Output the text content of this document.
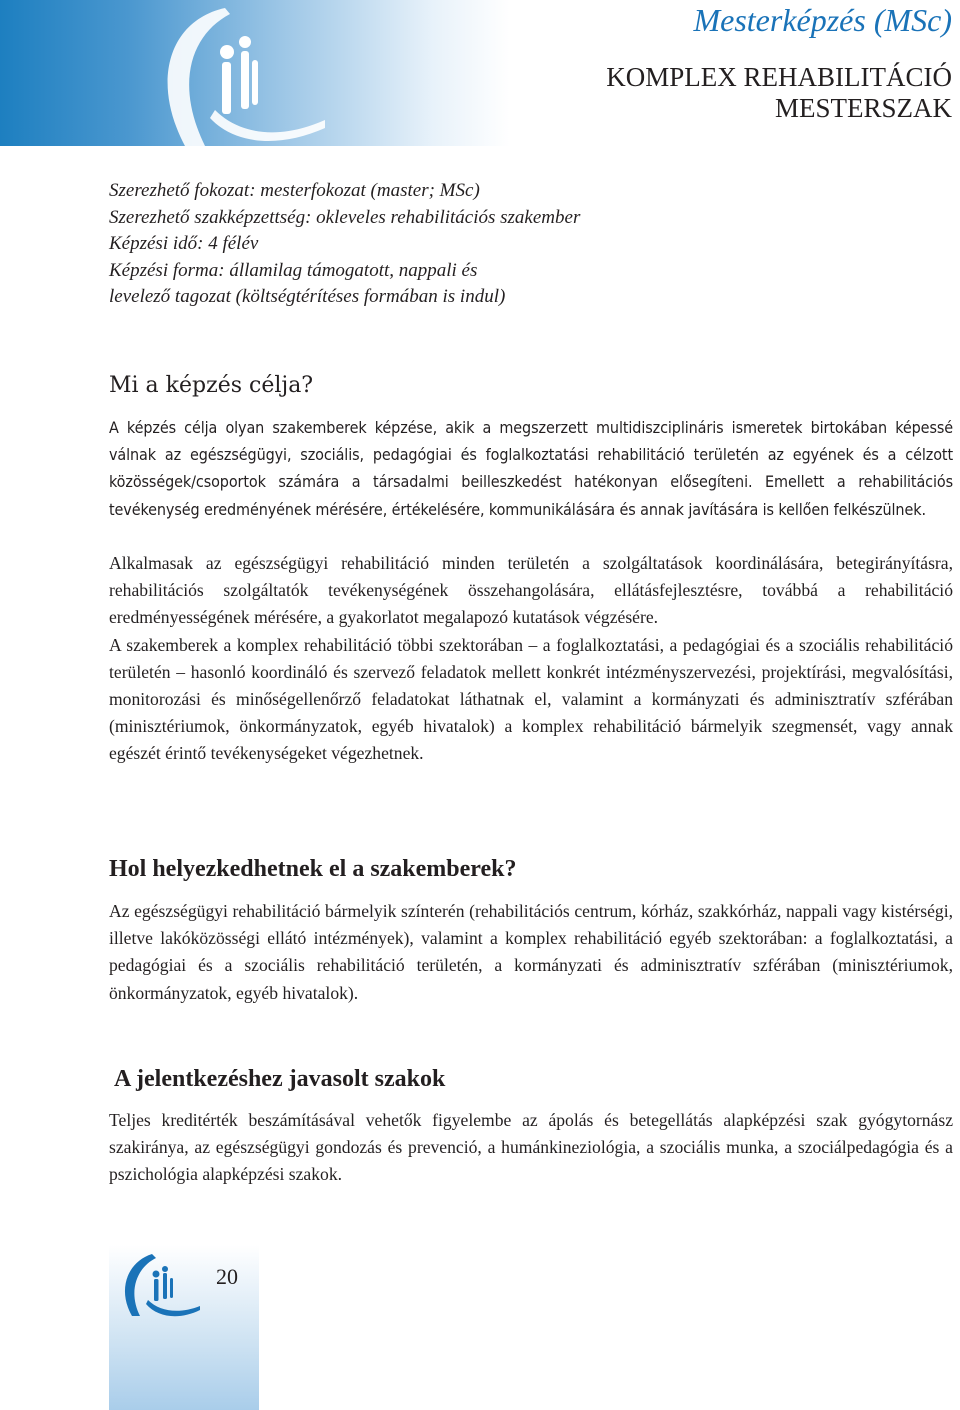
Mesterképzés (MSc)
KOMPLEX REHABILITÁCIÓ
MESTERSZAK
Szerezhető fokozat: mesterfokozat (master; MSc)
Szerezhető szakképzettség: okleveles rehabilitációs szakember
Képzési idő: 4 félév
Képzési forma: államilag támogatott, nappali és
levelező tagozat (költségtérítéses formában is indul)
Mi a képzés célja?

A képzés célja olyan szakemberek képzése, akik a megszerzett multidiszciplináris ismeretek birtokában képessé válnak az egészségügyi, szociális, pedagógiai és foglalkoztatási rehabilitáció területén az egyének és a célzott közösségek/csoportok számára a társadalmi beilleszkedést hatékonyan elősegíteni. Emellett a rehabilitációs tevékenység eredményének mérésére, értékelésére, kommunikálására és annak javítására is kellően felkészülnek.

Alkalmasak az egészségügyi rehabilitáció minden területén a szolgáltatások koordinálására, betegirányításra, rehabilitációs szolgáltatók tevékenységének összehangolására, ellátásfejlesztésre, továbbá a rehabilitáció eredményességének mérésére, a gyakorlatot megalapozó kutatások végzésére.

A szakemberek a komplex rehabilitáció többi szektorában – a foglalkoztatási, a pedagógiai és a szociális rehabilitáció területén – hasonló koordináló és szervező feladatok mellett konkrét intézményszervezési, projektírási, megvalósítási, monitorozási és minőségellenőrző feladatokat láthatnak el, valamint a kormányzati és adminisztratív szférában (minisztériumok, önkormányzatok, egyéb hivatalok) a komplex rehabilitáció bármelyik szegmensét, vagy annak egészét érintő tevékenységeket végezhetnek.

Hol helyezkedhetnek el a szakemberek?

Az egészségügyi rehabilitáció bármelyik színterén (rehabilitációs centrum, kórház, szakkórház, nappali vagy kistérségi, illetve lakóközösségi ellátó intézmények), valamint a komplex rehabilitáció egyéb szektorában: a foglalkoztatási, a pedagógiai és a szociális rehabilitáció területén, a kormányzati és adminisztratív szférában (minisztériumok, önkormányzatok, egyéb hivatalok).

A jelentkezéshez javasolt szakok

Teljes kreditérték beszámításával vehetők figyelembe az ápolás és betegellátás alapképzési szak gyógytornász szakiránya, az egészségügyi gondozás és prevenció, a humánkineziológia, a szociális munka, a szociálpedagógia és a pszichológia alapképzési szakok.

20
